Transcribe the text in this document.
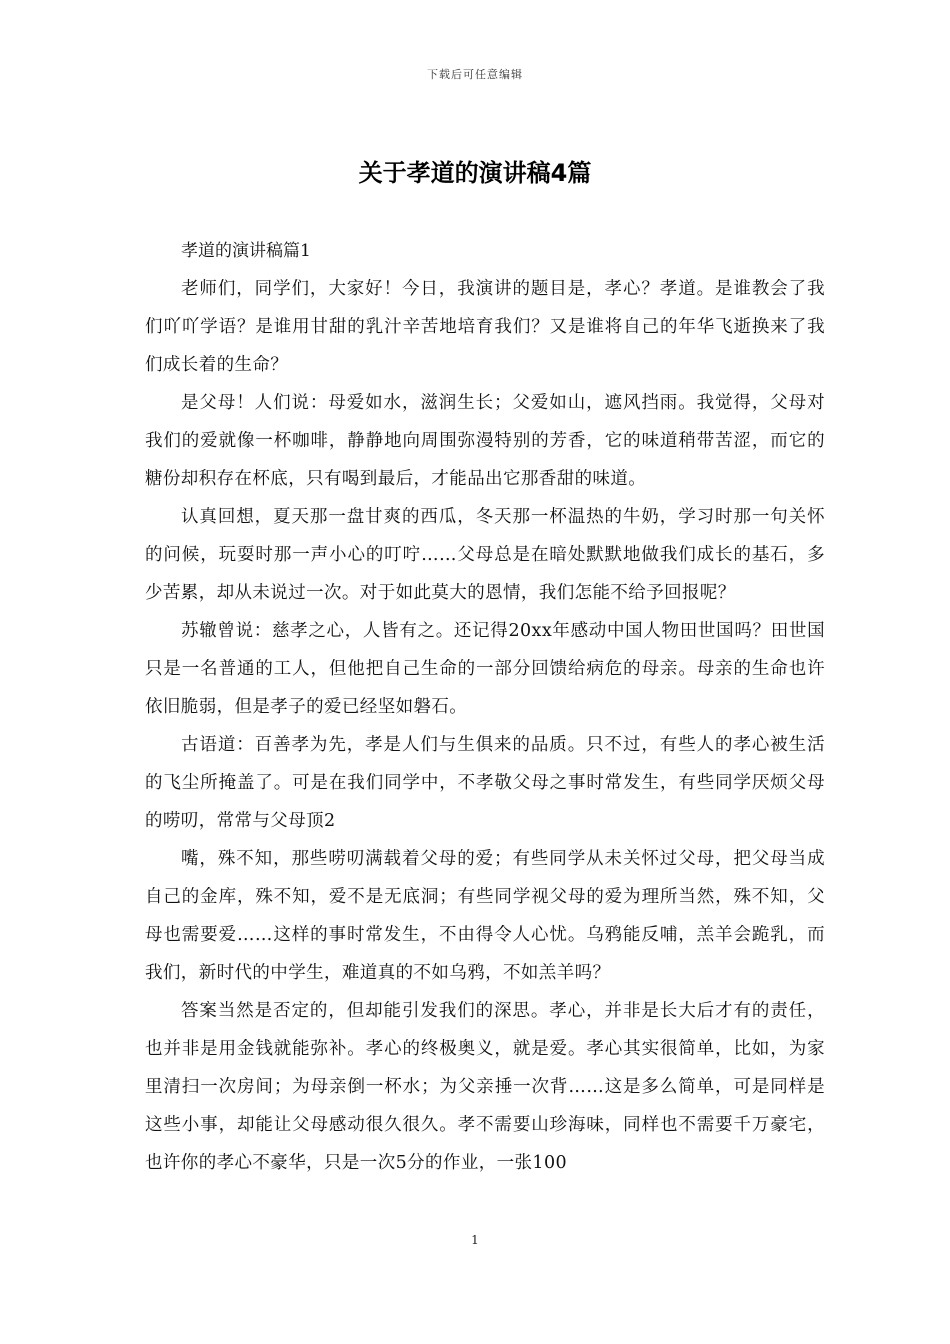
下载后可任意编辑
关于孝道的演讲稿4篇

孝道的演讲稿篇1

老师们，同学们，大家好！今日，我演讲的题目是，孝心？孝道。是谁教会了我们吖吖学语？是谁用甘甜的乳汁辛苦地培育我们？又是谁将自己的年华飞逝换来了我们成长着的生命？

是父母！人们说：母爱如水，滋润生长；父爱如山，遮风挡雨。我觉得，父母对我们的爱就像一杯咖啡，静静地向周围弥漫特别的芳香，它的味道稍带苦涩，而它的糖份却积存在杯底，只有喝到最后，才能品出它那香甜的味道。

认真回想，夏天那一盘甘爽的西瓜，冬天那一杯温热的牛奶，学习时那一句关怀的问候，玩耍时那一声小心的叮咛……父母总是在暗处默默地做我们成长的基石，多少苦累，却从未说过一次。对于如此莫大的恩情，我们怎能不给予回报呢？

苏辙曾说：慈孝之心，人皆有之。还记得20xx年感动中国人物田世国吗？田世国只是一名普通的工人，但他把自己生命的一部分回馈给病危的母亲。母亲的生命也许依旧脆弱，但是孝子的爱已经坚如磐石。

古语道：百善孝为先，孝是人们与生俱来的品质。只不过，有些人的孝心被生活的飞尘所掩盖了。可是在我们同学中，不孝敬父母之事时常发生，有些同学厌烦父母的唠叨，常常与父母顶2

嘴，殊不知，那些唠叨满载着父母的爱；有些同学从未关怀过父母，把父母当成自己的金库，殊不知，爱不是无底洞；有些同学视父母的爱为理所当然，殊不知，父母也需要爱……这样的事时常发生，不由得令人心忧。乌鸦能反哺，羔羊会跪乳，而我们，新时代的中学生，难道真的不如乌鸦，不如羔羊吗？

答案当然是否定的，但却能引发我们的深思。孝心，并非是长大后才有的责任，也并非是用金钱就能弥补。孝心的终极奥义，就是爱。孝心其实很简单，比如，为家里清扫一次房间；为母亲倒一杯水；为父亲捶一次背……这是多么简单，可是同样是这些小事，却能让父母感动很久很久。孝不需要山珍海味，同样也不需要千万豪宅，也许你的孝心不豪华，只是一次5分的作业，一张100

1
